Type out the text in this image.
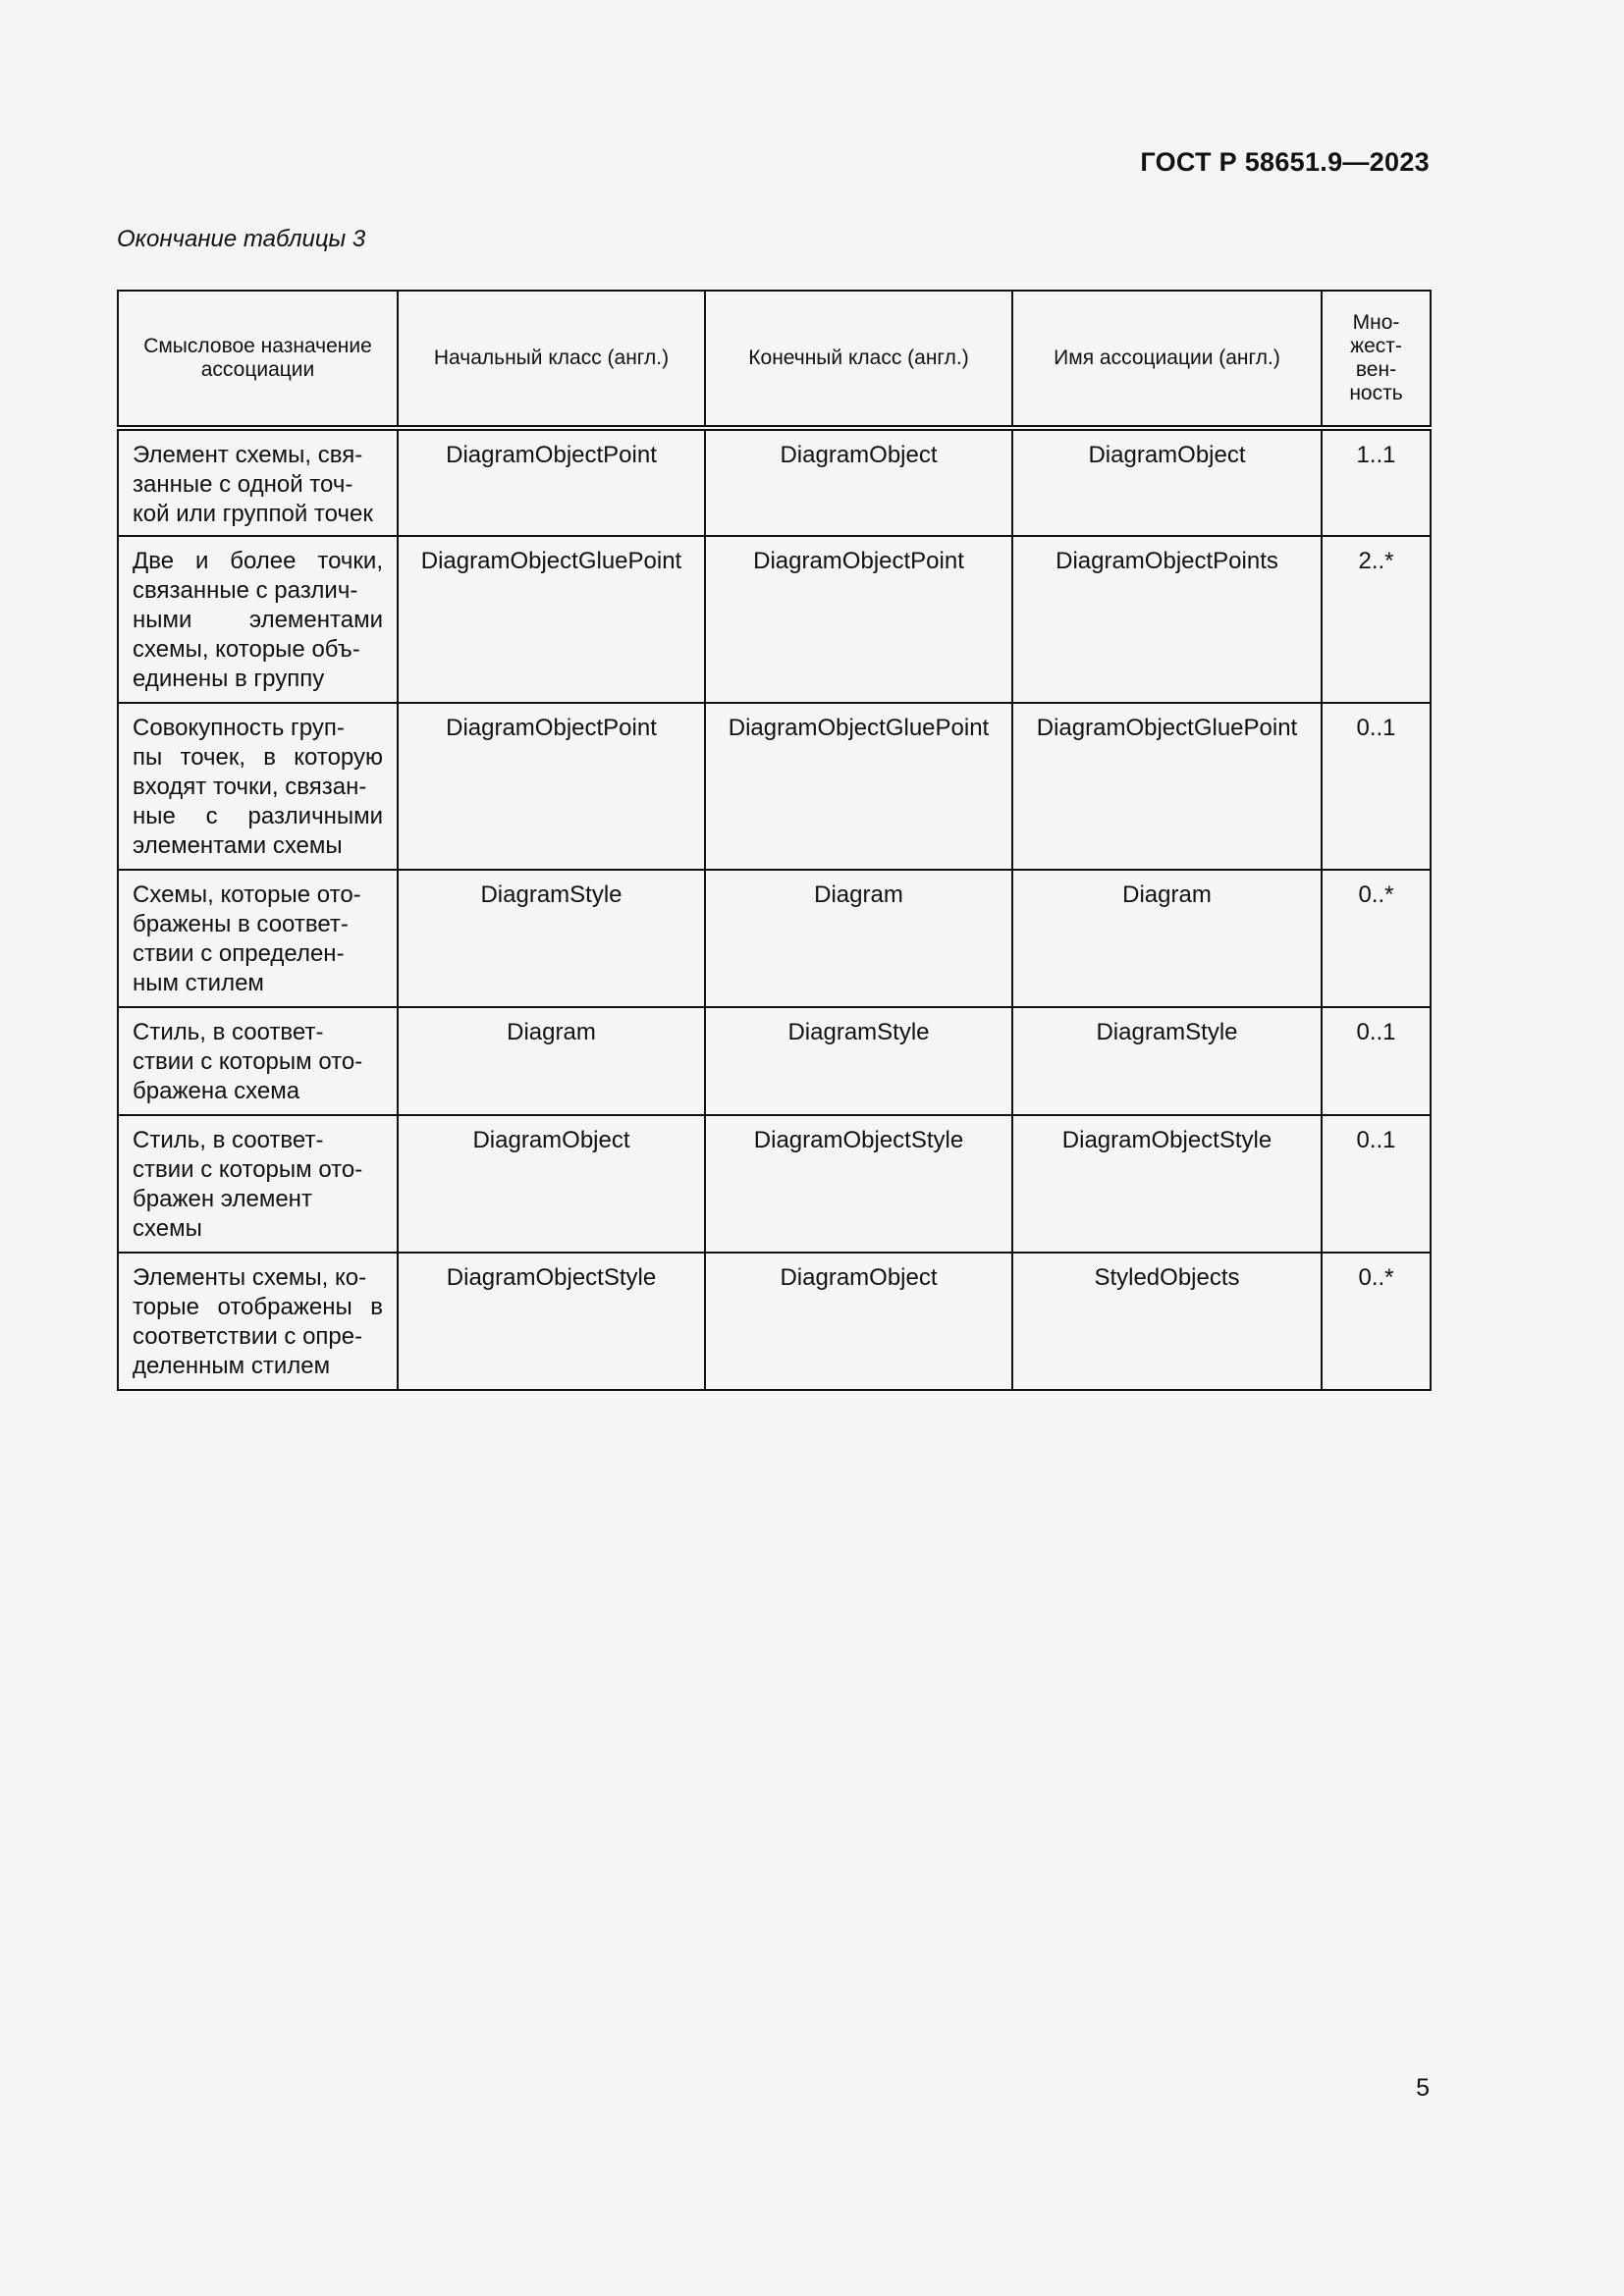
ГОСТ Р 58651.9—2023
Окончание таблицы 3
Смысловое назначение ассоциации	Начальный класс (англ.)	Конечный класс (англ.)	Имя ассоциации (англ.)	Мно-
жест-
вен-
ность
Элемент схемы, свя-
занные с одной точ-
кой или группой точек	DiagramObjectPoint	DiagramObject	DiagramObject	1..1
Две и более точки, связанные с различ-
ными элементами схемы, которые объ-
единены в группу	DiagramObjectGluePoint	DiagramObjectPoint	DiagramObjectPoints	2..*
Совокупность груп-
пы точек, в которую входят точки, связан-
ные с различными элементами схемы	DiagramObjectPoint	DiagramObjectGluePoint	DiagramObjectGluePoint	0..1
Схемы, которые ото-
бражены в соответ-
ствии с определен-
ным стилем	DiagramStyle	Diagram	Diagram	0..*
Стиль, в соответ-
ствии с которым ото-
бражена схема	Diagram	DiagramStyle	DiagramStyle	0..1
Стиль, в соответ-
ствии с которым ото-
бражен элемент
схемы	DiagramObject	DiagramObjectStyle	DiagramObjectStyle	0..1
Элементы схемы, ко-
торые отображены в соответствии с опре-
деленным стилем	DiagramObjectStyle	DiagramObject	StyledObjects	0..*
5
